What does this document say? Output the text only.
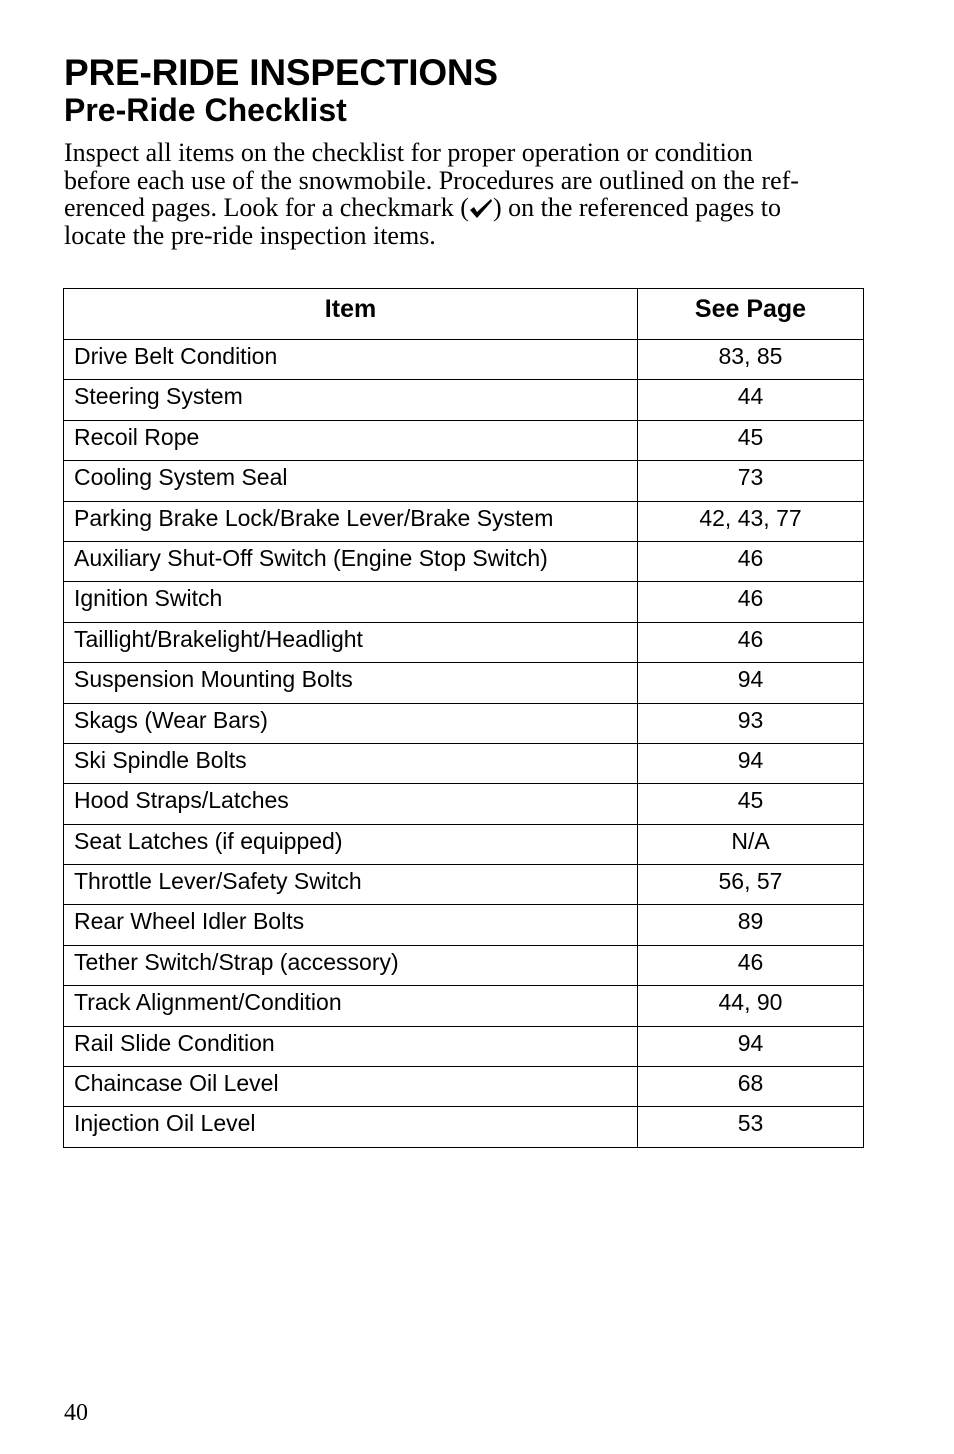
PRE-RIDE INSPECTIONS
Pre-Ride Checklist

Inspect all items on the checklist for proper operation or condition
before each use of the snowmobile. Procedures are outlined on the ref-
erenced pages. Look for a checkmark ( ) on the referenced pages to
locate the pre-ride inspection items.

Item	See Page
Drive Belt Condition	83, 85
Steering System	44
Recoil Rope	45
Cooling System Seal	73
Parking Brake Lock/Brake Lever/Brake System	42, 43, 77
Auxiliary Shut-Off Switch (Engine Stop Switch)	46
Ignition Switch	46
Taillight/Brakelight/Headlight	46
Suspension Mounting Bolts	94
Skags (Wear Bars)	93
Ski Spindle Bolts	94
Hood Straps/Latches	45
Seat Latches (if equipped)	N/A
Throttle Lever/Safety Switch	56, 57
Rear Wheel Idler Bolts	89
Tether Switch/Strap (accessory)	46
Track Alignment/Condition	44, 90
Rail Slide Condition	94
Chaincase Oil Level	68
Injection Oil Level	53
40
